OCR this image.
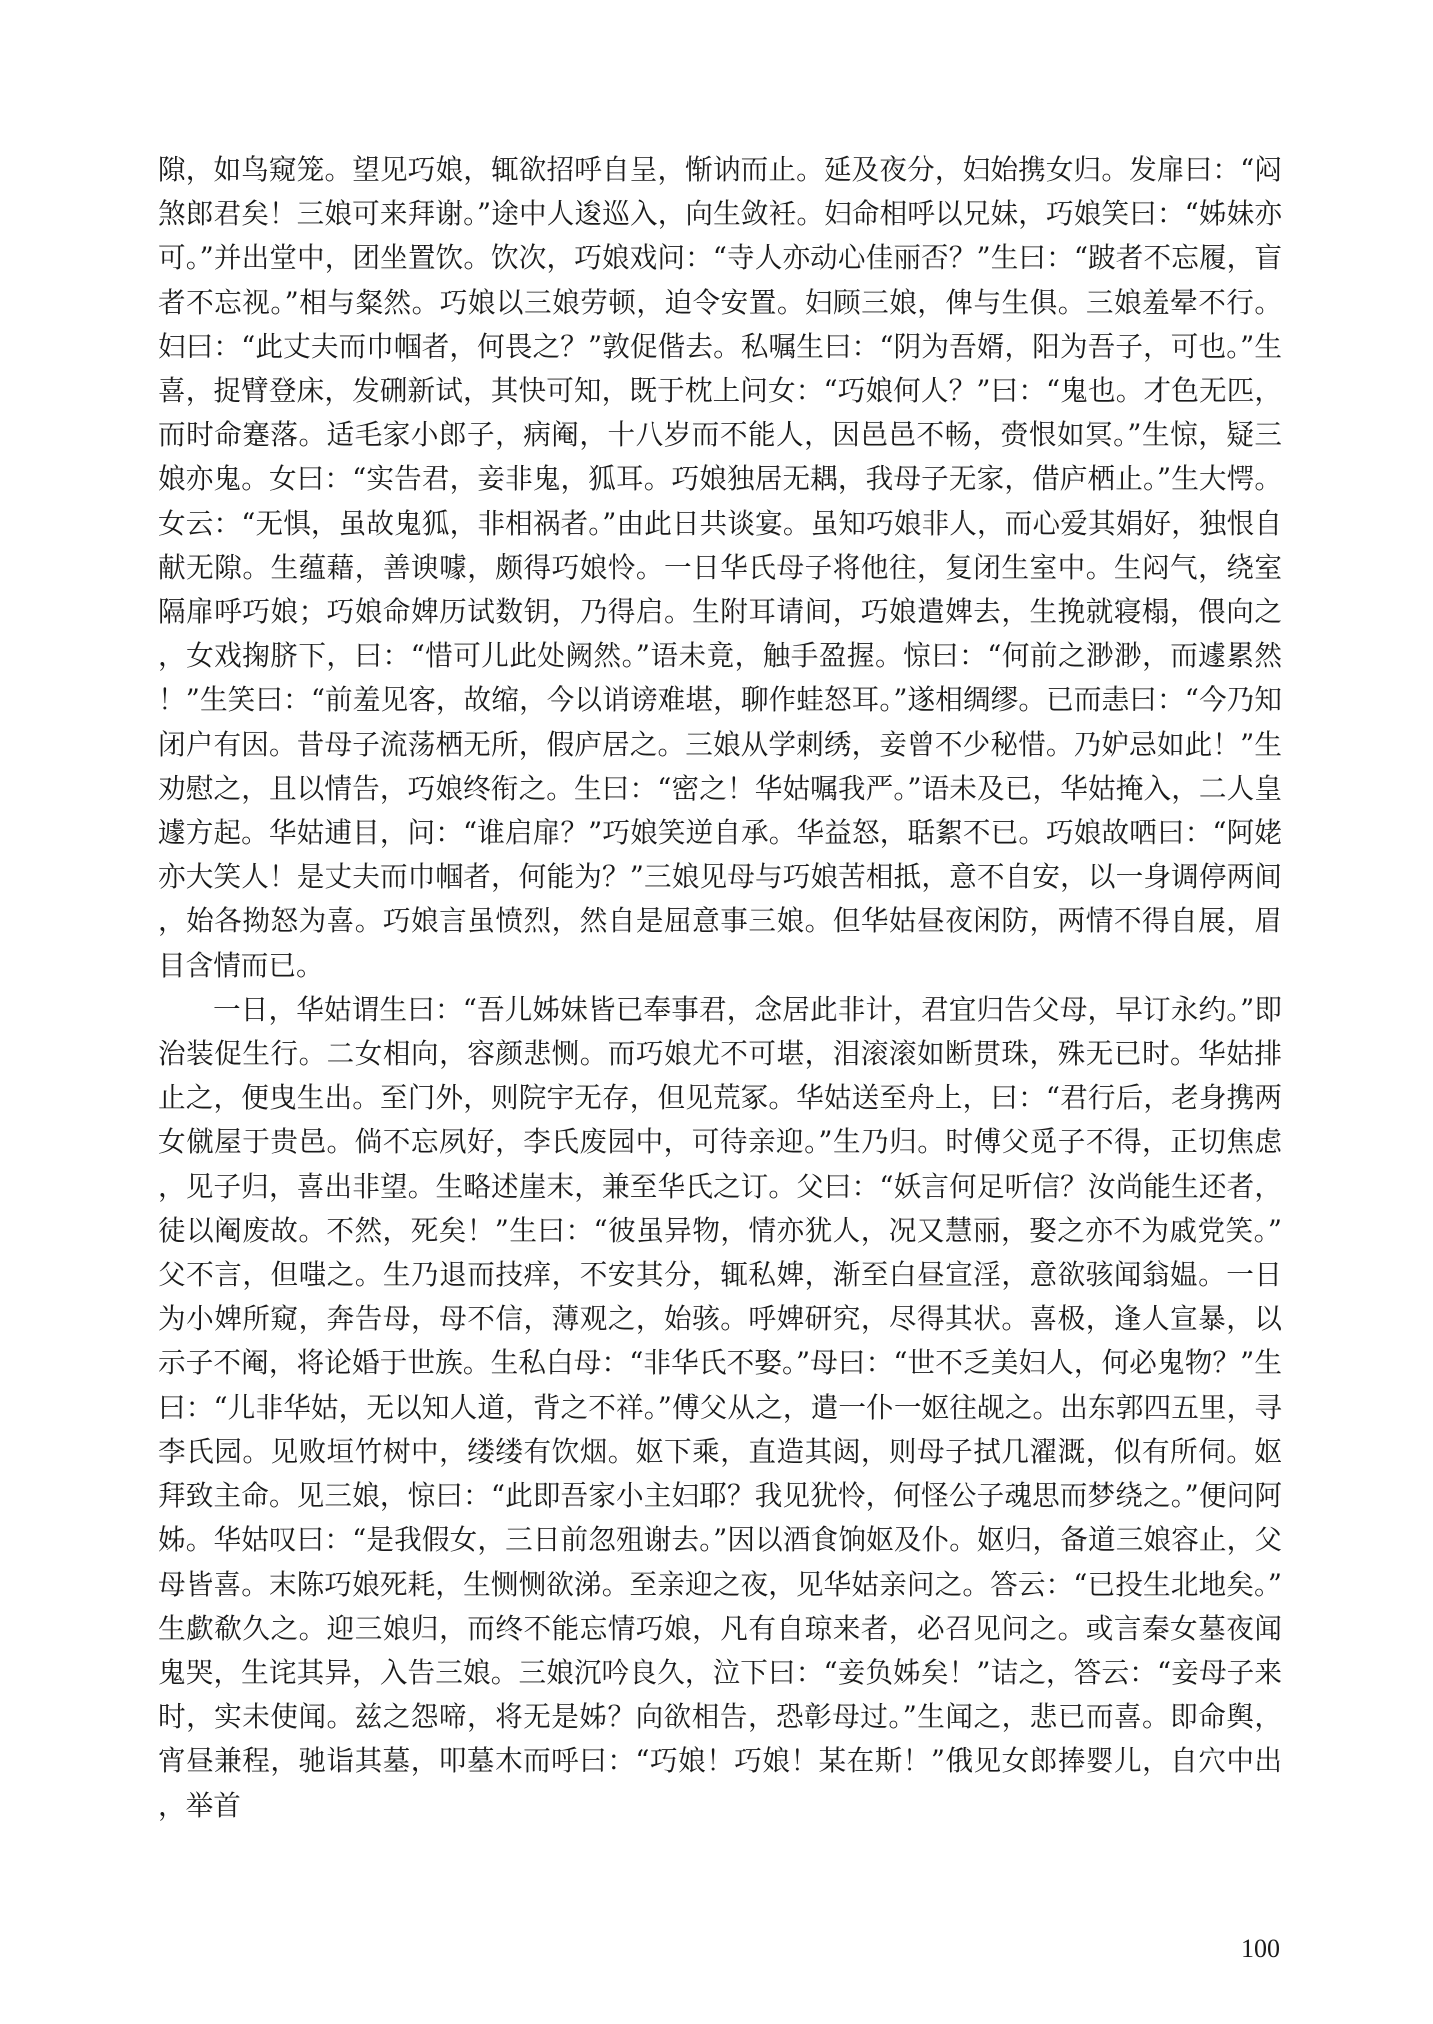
隙，如鸟窥笼。望见巧娘，辄欲招呼自呈，惭讷而止。延及夜分，妇始携女归。发扉曰：“闷煞郎君矣！三娘可来拜谢。”途中人逡巡入，向生敛衽。妇命相呼以兄妹，巧娘笑曰：“姊妹亦可。”并出堂中，团坐置饮。饮次，巧娘戏问：“寺人亦动心佳丽否？”生曰：“跛者不忘履，盲者不忘视。”相与粲然。巧娘以三娘劳顿，迫令安置。妇顾三娘，俾与生俱。三娘羞晕不行。妇曰：“此丈夫而巾帼者，何畏之？”敦促偕去。私嘱生曰：“阴为吾婿，阳为吾子，可也。”生喜，捉臂登床，发硎新试，其快可知，既于枕上问女：“巧娘何人？”曰：“鬼也。才色无匹，而时命蹇落。适毛家小郎子，病阉，十八岁而不能人，因邑邑不畅，赍恨如冥。”生惊，疑三娘亦鬼。女曰：“实告君，妾非鬼，狐耳。巧娘独居无耦，我母子无家，借庐栖止。”生大愕。女云：“无惧，虽故鬼狐，非相祸者。”由此日共谈宴。虽知巧娘非人，而心爱其娟好，独恨自献无隙。生蕴藉，善谀噱，颇得巧娘怜。一日华氏母子将他往，复闭生室中。生闷气，绕室隔扉呼巧娘；巧娘命婢历试数钥，乃得启。生附耳请间，巧娘遣婢去，生挽就寝榻，偎向之，女戏掬脐下，曰：“惜可儿此处阙然。”语未竟，触手盈握。惊曰：“何前之渺渺，而遽累然！”生笑曰：“前羞见客，故缩，今以诮谤难堪，聊作蛙怒耳。”遂相绸缪。已而恚曰：“今乃知闭户有因。昔母子流荡栖无所，假庐居之。三娘从学刺绣，妾曾不少秘惜。乃妒忌如此！”生劝慰之，且以情告，巧娘终衔之。生曰：“密之！华姑嘱我严。”语未及已，华姑掩入，二人皇遽方起。华姑逋目，问：“谁启扉？”巧娘笑逆自承。华益怒，聒絮不已。巧娘故哂曰：“阿姥亦大笑人！是丈夫而巾帼者，何能为？”三娘见母与巧娘苦相抵，意不自安，以一身调停两间，始各拗怒为喜。巧娘言虽愤烈，然自是屈意事三娘。但华姑昼夜闲防，两情不得自展，眉目含情而已。

一日，华姑谓生曰：“吾儿姊妹皆已奉事君，念居此非计，君宜归告父母，早订永约。”即治装促生行。二女相向，容颜悲恻。而巧娘尤不可堪，泪滚滚如断贯珠，殊无已时。华姑排止之，便曳生出。至门外，则院宇无存，但见荒冢。华姑送至舟上，曰：“君行后，老身携两女僦屋于贵邑。倘不忘夙好，李氏废园中，可待亲迎。”生乃归。时傅父觅子不得，正切焦虑，见子归，喜出非望。生略述崖末，兼至华氏之订。父曰：“妖言何足听信？汝尚能生还者，徒以阉废故。不然，死矣！”生曰：“彼虽异物，情亦犹人，况又慧丽，娶之亦不为戚党笑。”父不言，但嗤之。生乃退而技痒，不安其分，辄私婢，渐至白昼宣淫，意欲骇闻翁媪。一日为小婢所窥，奔告母，母不信，薄观之，始骇。呼婢研究，尽得其状。喜极，逢人宣暴，以示子不阉，将论婚于世族。生私白母：“非华氏不娶。”母曰：“世不乏美妇人，何必鬼物？”生曰：“儿非华姑，无以知人道，背之不祥。”傅父从之，遣一仆一妪往觇之。出东郭四五里，寻李氏园。见败垣竹树中，缕缕有饮烟。妪下乘，直造其闼，则母子拭几濯溉，似有所伺。妪拜致主命。见三娘，惊曰：“此即吾家小主妇耶？我见犹怜，何怪公子魂思而梦绕之。”便问阿姊。华姑叹曰：“是我假女，三日前忽殂谢去。”因以酒食饷妪及仆。妪归，备道三娘容止，父母皆喜。末陈巧娘死耗，生恻恻欲涕。至亲迎之夜，见华姑亲问之。答云：“已投生北地矣。”生歔欷久之。迎三娘归，而终不能忘情巧娘，凡有自琼来者，必召见问之。或言秦女墓夜闻鬼哭，生诧其异，入告三娘。三娘沉吟良久，泣下曰：“妾负姊矣！”诘之，答云：“妾母子来时，实未使闻。兹之怨啼，将无是姊？向欲相告，恐彰母过。”生闻之，悲已而喜。即命舆，宵昼兼程，驰诣其墓，叩墓木而呼曰：“巧娘！巧娘！某在斯！”俄见女郎捧婴儿，自穴中出，举首

100
